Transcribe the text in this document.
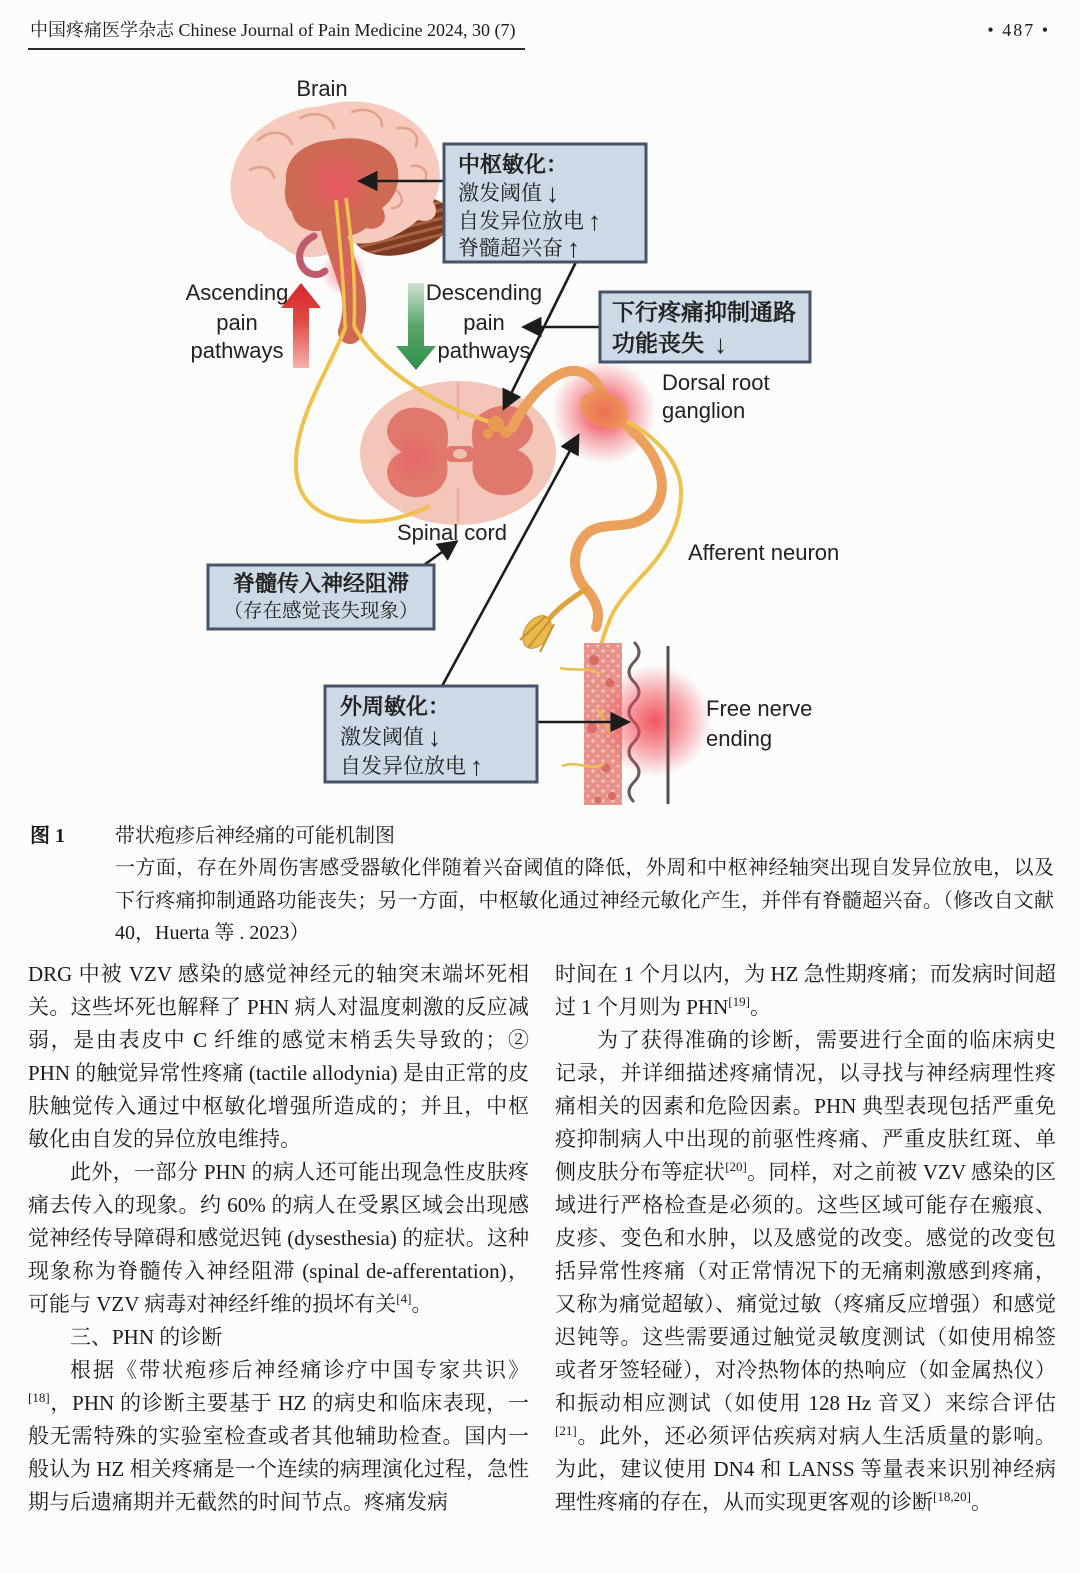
中国疼痛医学杂志 Chinese Journal of Pain Medicine 2024, 30 (7)	• 487 •
中枢敏化：
激发阈值 ↓
自发异位放电 ↑
脊髓超兴奋 ↑
下行疼痛抑制通路
功能丧失 ↓
脊髓传入神经阻滞
（存在感觉丧失现象）
外周敏化：
激发阈值 ↓
自发异位放电 ↑
Brain
Ascending
pain
pathways
Descending
pain
pathways
Dorsal root
ganglion
Spinal cord
Afferent neuron
Free nerve
ending
图 1	带状疱疹后神经痛的可能机制图
一方面，存在外周伤害感受器敏化伴随着兴奋阈值的降低，外周和中枢神经轴突出现自发异位放电，以及下行疼痛抑制通路功能丧失；另一方面，中枢敏化通过神经元敏化产生，并伴有脊髓超兴奋。（修改自文献 40，Huerta 等 . 2023）

DRG 中被 VZV 感染的感觉神经元的轴突末端坏死相关。这些坏死也解释了 PHN 病人对温度刺激的反应减弱，是由表皮中 C 纤维的感觉末梢丢失导致的；② PHN 的触觉异常性疼痛 (tactile allodynia) 是由正常的皮肤触觉传入通过中枢敏化增强所造成的；并且，中枢敏化由自发的异位放电维持。

此外，一部分 PHN 的病人还可能出现急性皮肤疼痛去传入的现象。约 60% 的病人在受累区域会出现感觉神经传导障碍和感觉迟钝 (dysesthesia) 的症状。这种现象称为脊髓传入神经阻滞 (spinal de-afferentation)，可能与 VZV 病毒对神经纤维的损坏有关[4]。

三、PHN 的诊断

根据《带状疱疹后神经痛诊疗中国专家共识》[18]，PHN 的诊断主要基于 HZ 的病史和临床表现，一般无需特殊的实验室检查或者其他辅助检查。国内一般认为 HZ 相关疼痛是一个连续的病理演化过程，急性期与后遗痛期并无截然的时间节点。疼痛发病

时间在 1 个月以内，为 HZ 急性期疼痛；而发病时间超过 1 个月则为 PHN[19]。

为了获得准确的诊断，需要进行全面的临床病史记录，并详细描述疼痛情况，以寻找与神经病理性疼痛相关的因素和危险因素。PHN 典型表现包括严重免疫抑制病人中出现的前驱性疼痛、严重皮肤红斑、单侧皮肤分布等症状[20]。同样，对之前被 VZV 感染的区域进行严格检查是必须的。这些区域可能存在瘢痕、皮疹、变色和水肿，以及感觉的改变。感觉的改变包括异常性疼痛（对正常情况下的无痛刺激感到疼痛，又称为痛觉超敏）、痛觉过敏（疼痛反应增强）和感觉迟钝等。这些需要通过触觉灵敏度测试（如使用棉签或者牙签轻碰），对冷热物体的热响应（如金属热仪）和振动相应测试（如使用 128 Hz 音叉）来综合评估[21]。此外，还必须评估疾病对病人生活质量的影响。为此，建议使用 DN4 和 LANSS 等量表来识别神经病理性疼痛的存在，从而实现更客观的诊断[18,20]。
